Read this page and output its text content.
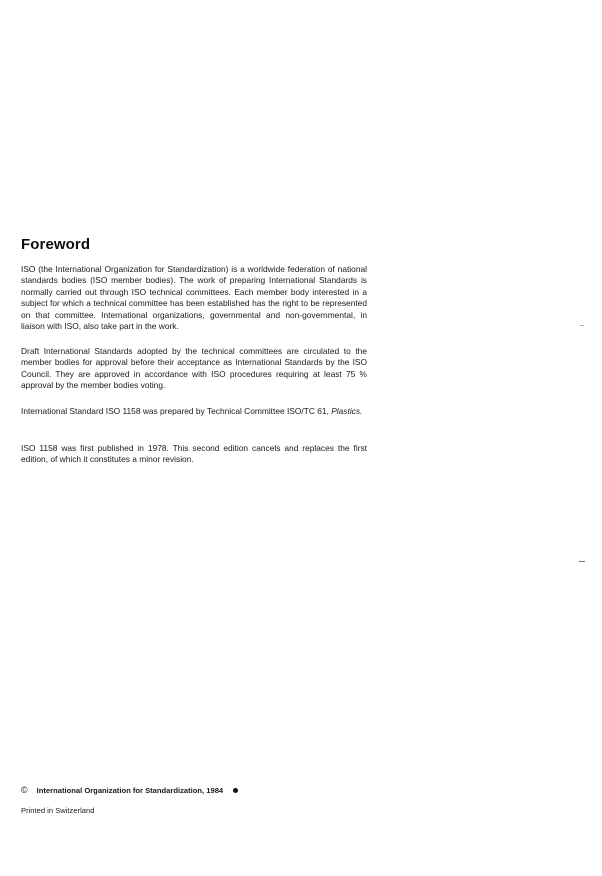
Foreword

ISO (the International Organization for Standardization) is a worldwide federation of national standards bodies (ISO member bodies). The work of preparing International Standards is normally carried out through ISO technical committees. Each member body interested in a subject for which a technical committee has been established has the right to be represented on that committee. International organizations, governmental and non-governmental, in liaison with ISO, also take part in the work.

Draft International Standards adopted by the technical committees are circulated to the member bodies for approval before their acceptance as International Standards by the ISO Council. They are approved in accordance with ISO procedures requiring at least 75 % approval by the member bodies voting.

International Standard ISO 1158 was prepared by Technical Committee ISO/TC 61, Plastics.

ISO 1158 was first published in 1978. This second edition cancels and replaces the first edition, of which it constitutes a minor revision.

© International Organization for Standardization, 1984
Printed in Switzerland
